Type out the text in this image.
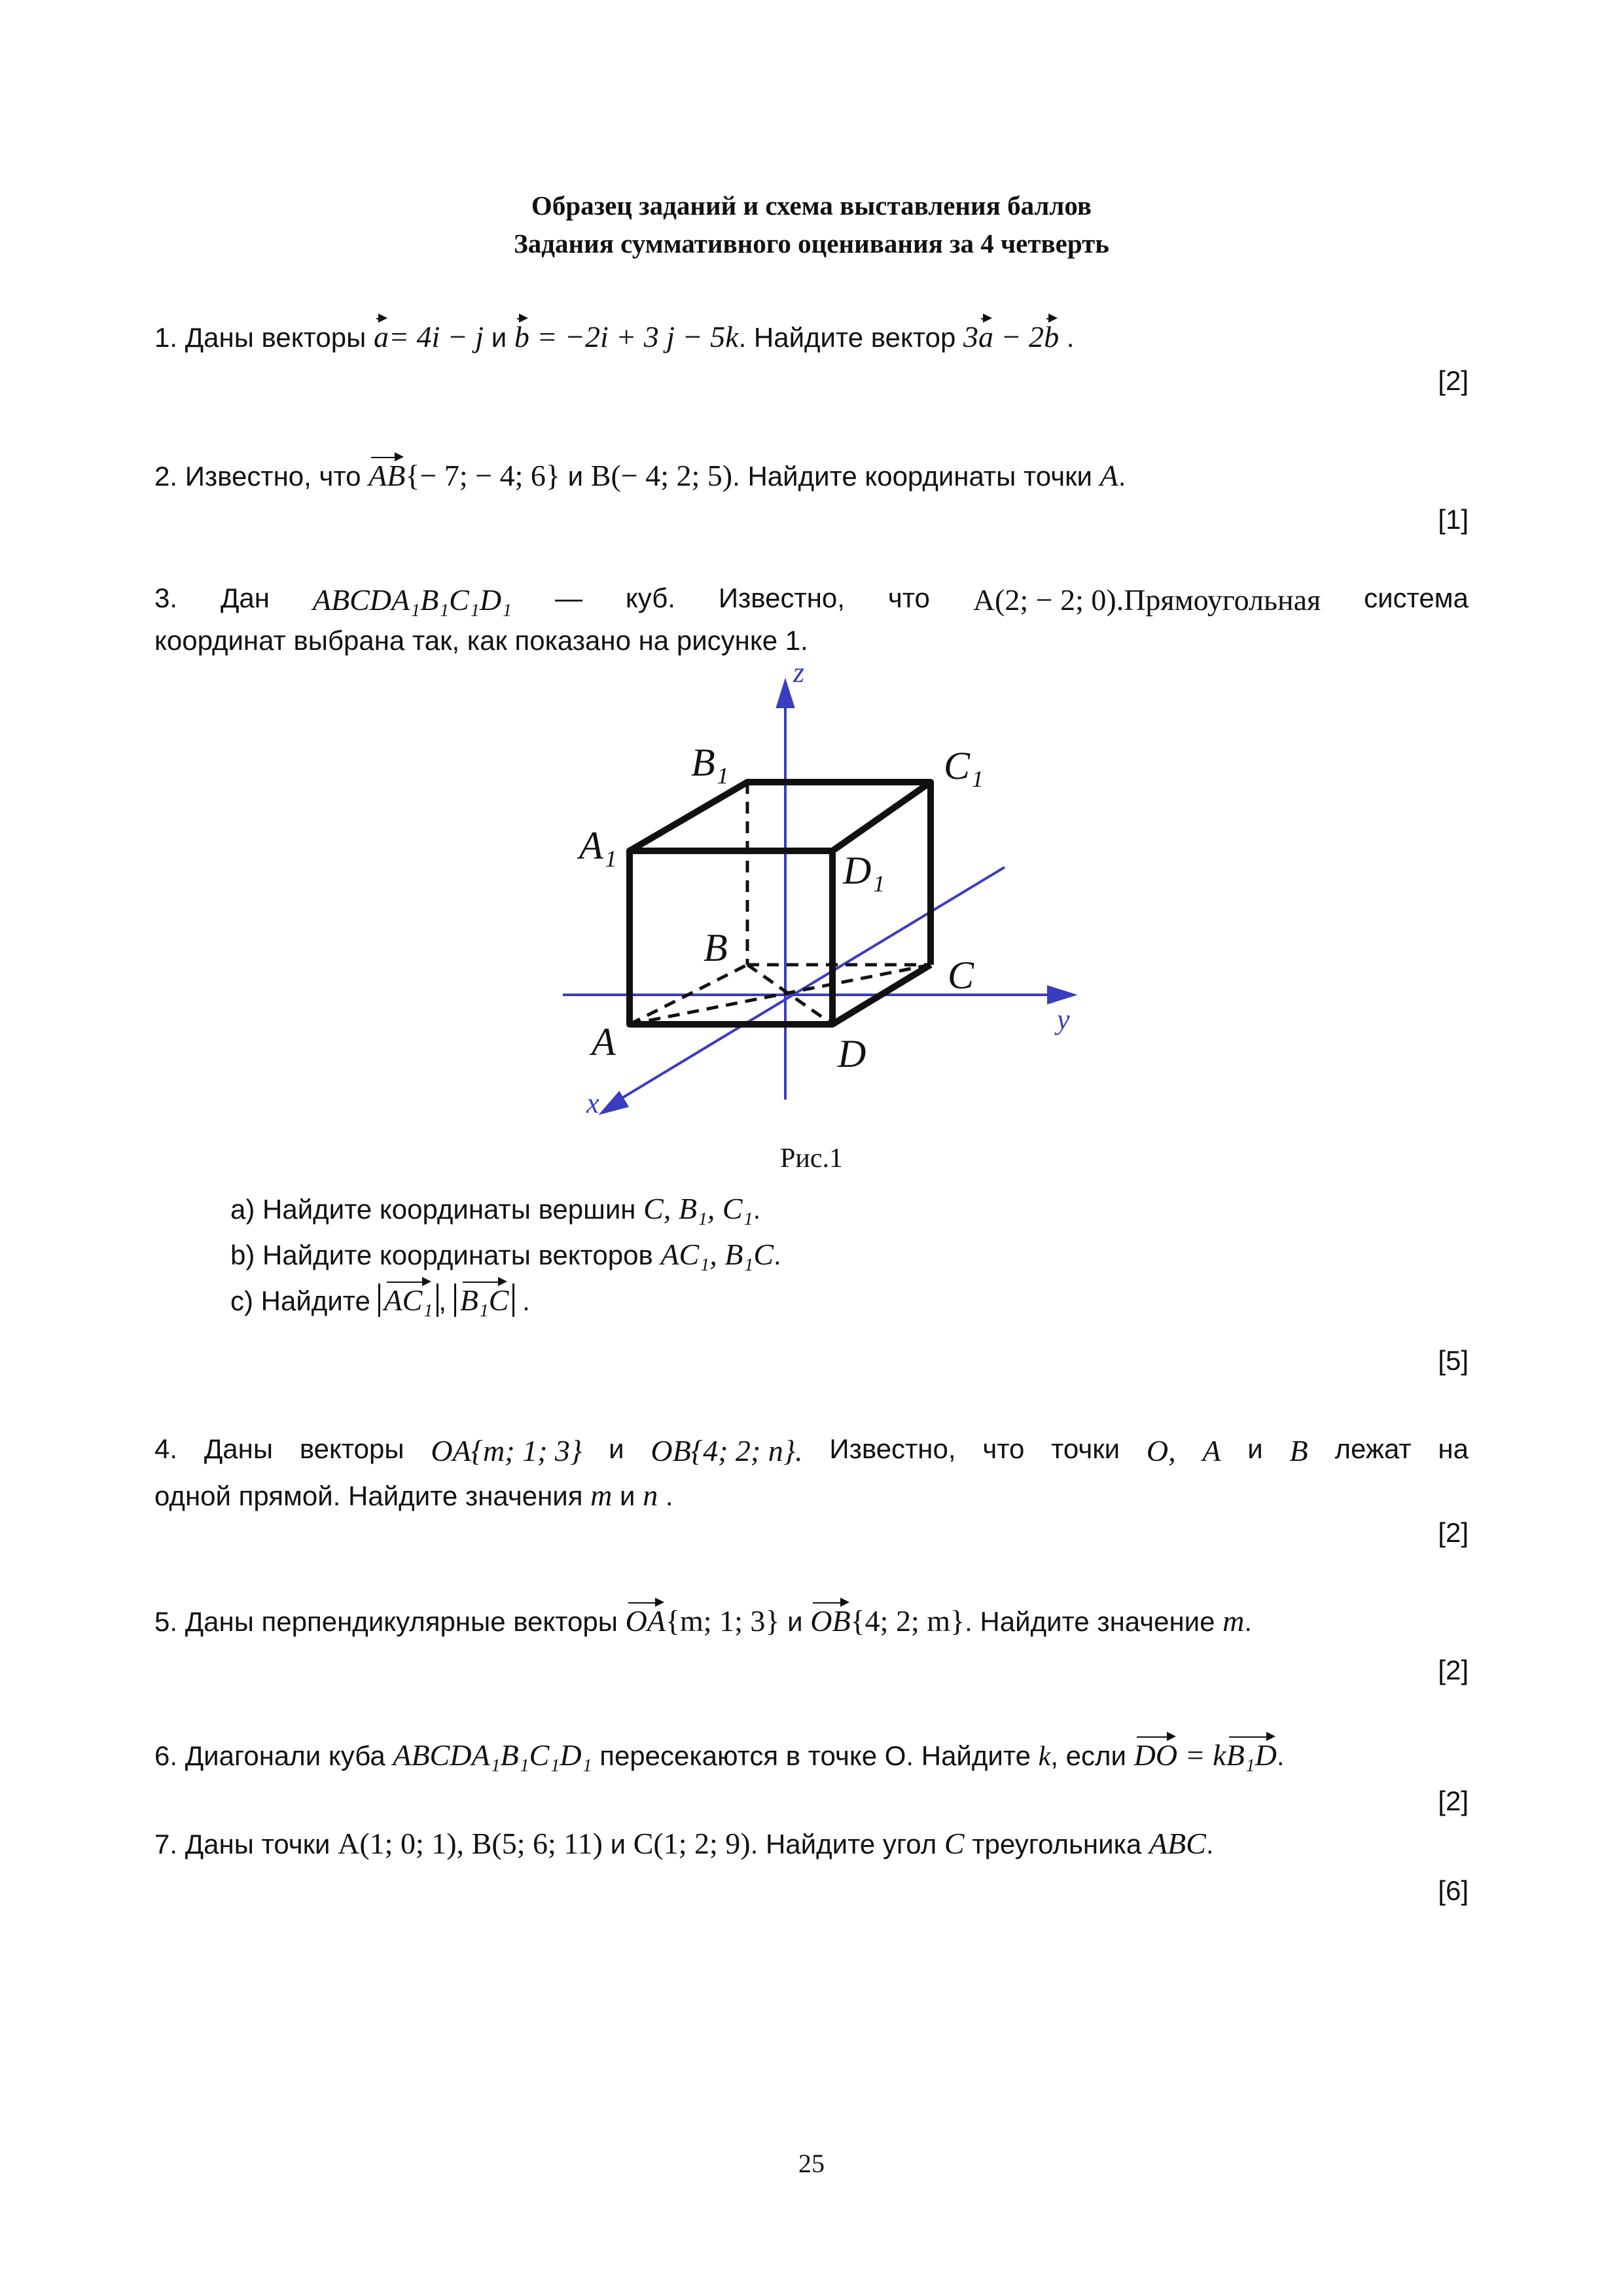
Образец заданий и схема выставления баллов
Задания суммативного оценивания за 4 четверть
1. Даны векторы a= 4i − j и b = −2i + 3 j − 5k. Найдите вектор 3a − 2b .
[2]
2. Известно, что AB{− 7; − 4; 6} и B(− 4; 2; 5). Найдите координаты точки A.
[1]
3. Дан ABCDA₁B₁C₁D₁ — куб. Известно, что A(2; − 2; 0).Прямоугольная система
координат выбрана так, как показано на рисунке 1.
B₁	C₁
A₁
D₁
B
C
A	D
z
y
x
Рис.1
а) Найдите координаты вершин C, B₁, C₁.
b) Найдите координаты векторов AC₁, B₁C.
с) Найдите AC₁ , B₁C .
[5]
4. Даны векторы OA{m; 1; 3} и OB{4; 2; n}. Известно, что точки O, A и B лежат на
одной прямой. Найдите значения m и n .
[2]
5. Даны перпендикулярные векторы OA{m; 1; 3} и OB{4; 2; m}. Найдите значение m.
[2]
6. Диагонали куба ABCDA₁B₁C₁D₁ пересекаются в точке О. Найдите k, если DO = kB₁D.
[2]
7. Даны точки A(1; 0; 1), B(5; 6; 11) и C(1; 2; 9). Найдите угол C треугольника ABC.
[6]
25
